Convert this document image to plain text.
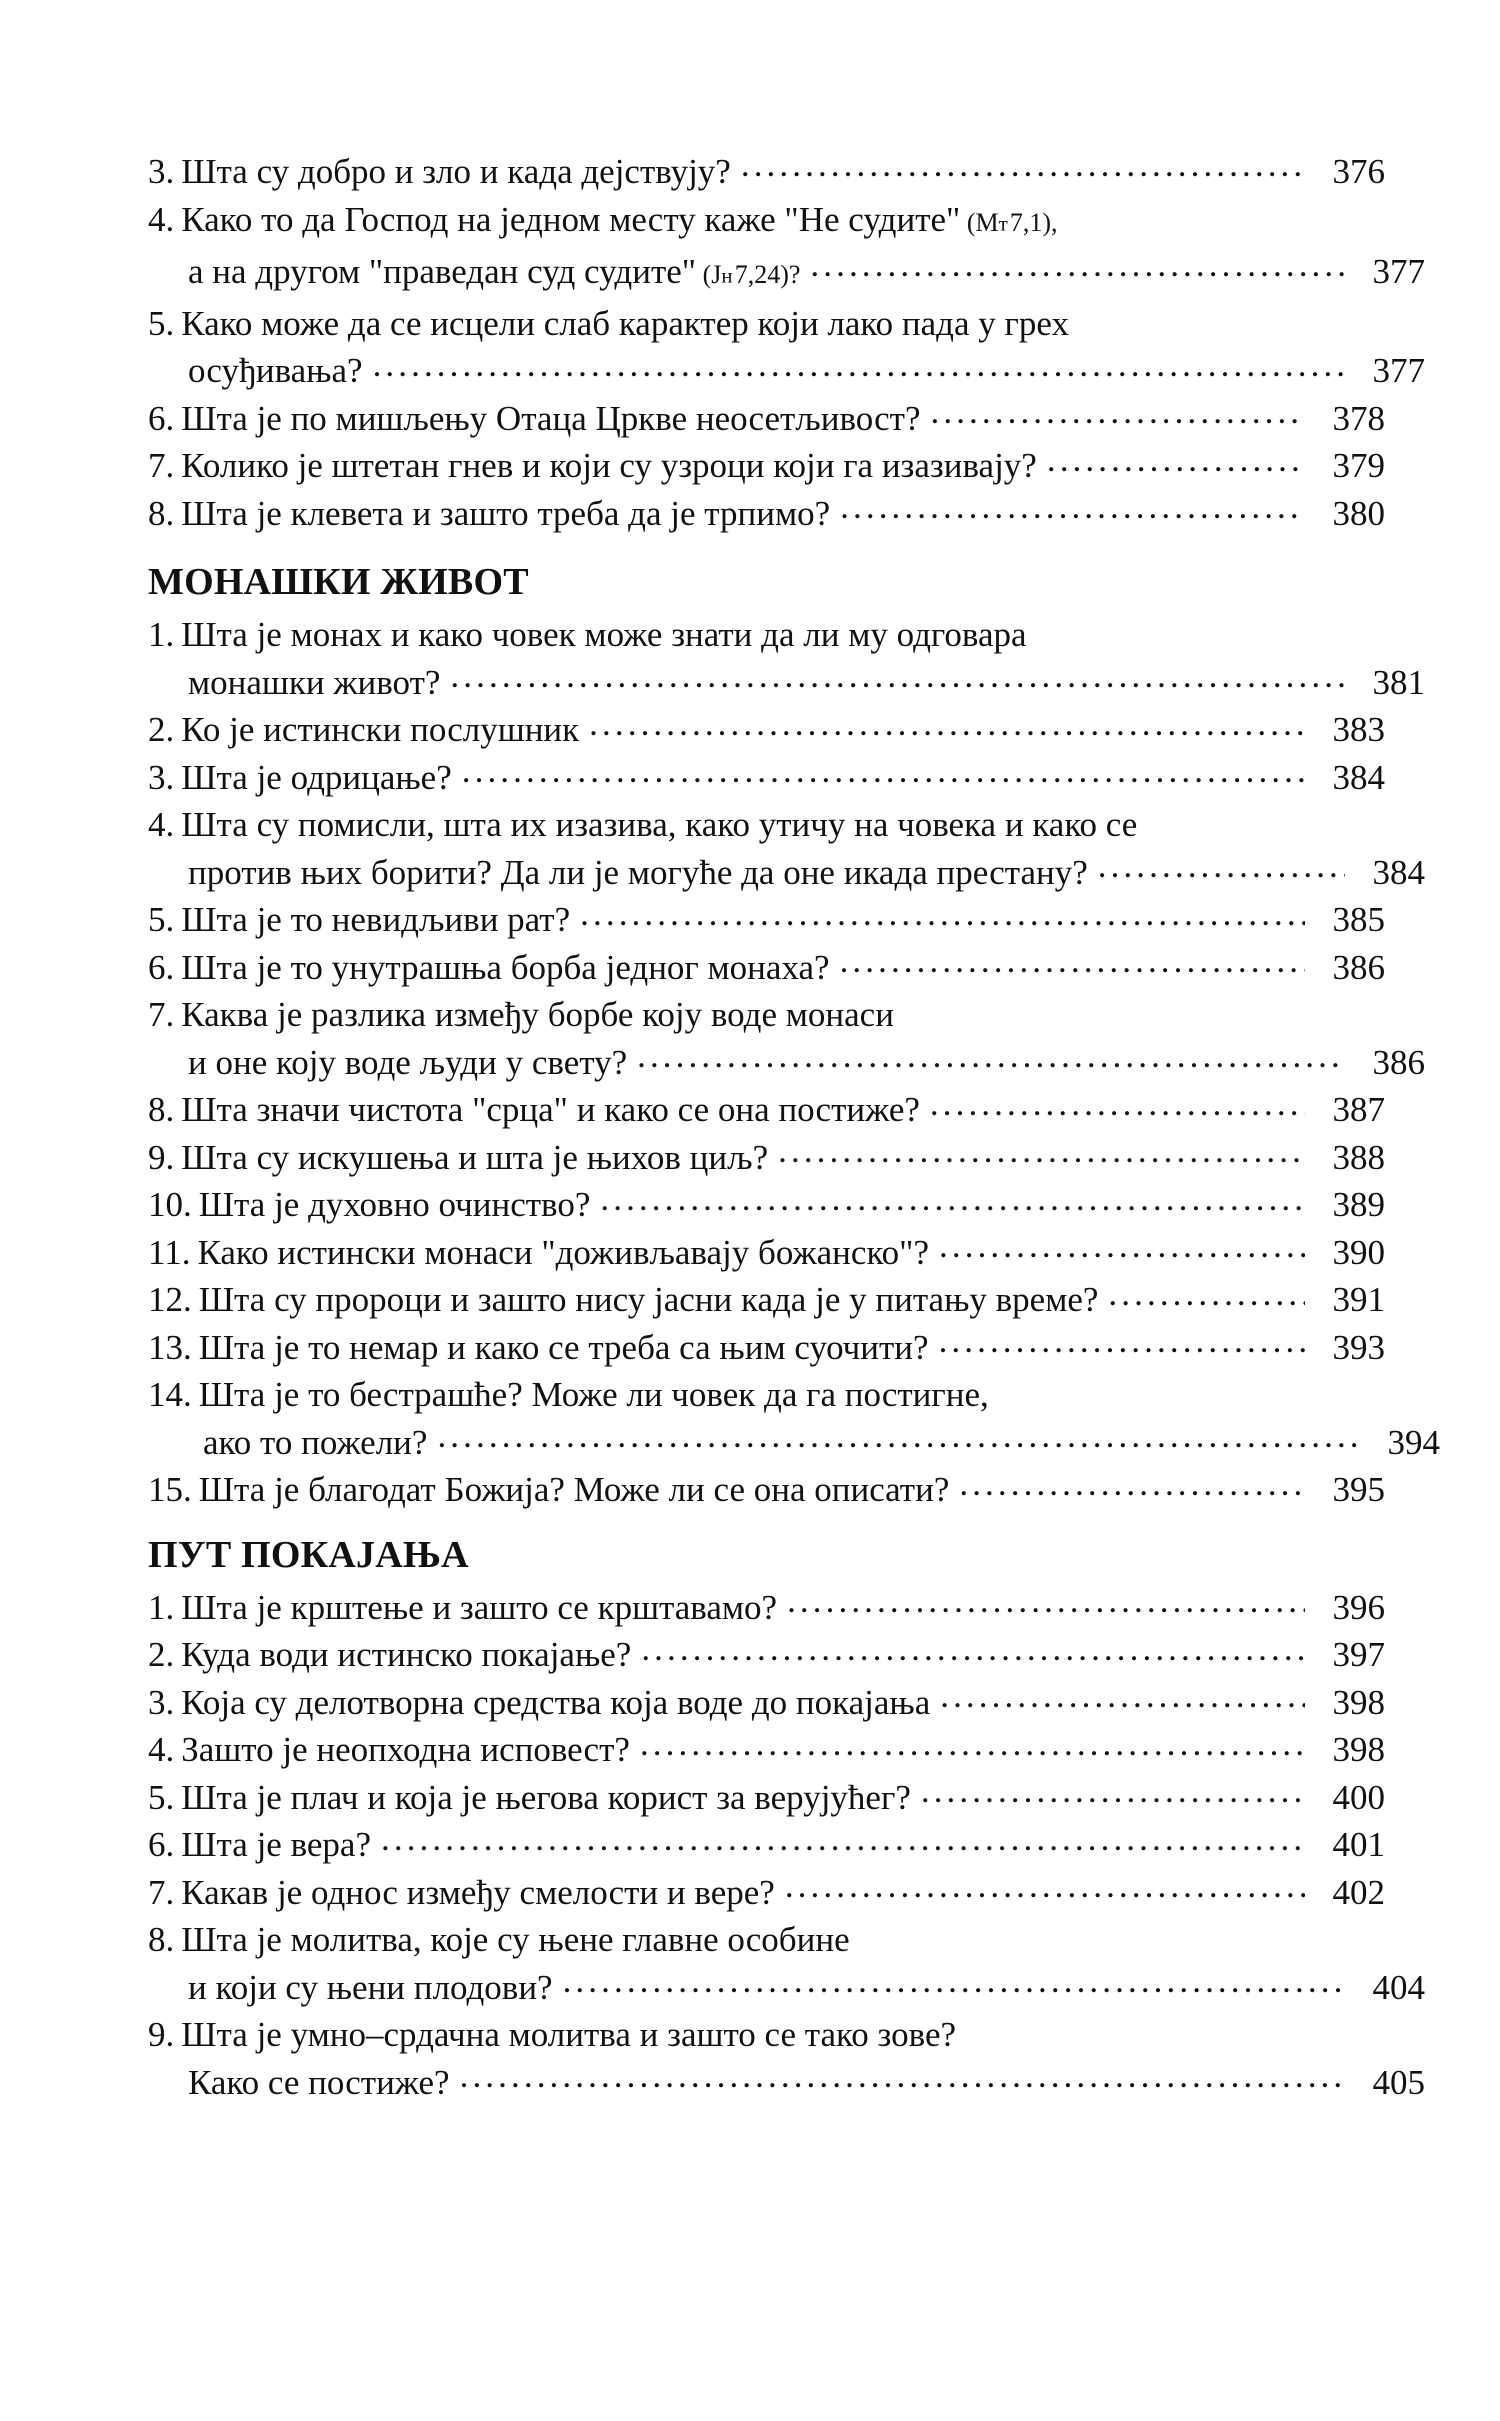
3. Шта су добро и зло и када дејствују? .....	376
4. Како то да Господ на једном месту каже "Не судите" (Мт 7,1),
а на другом "праведан суд судите" (Јн 7,24)? .....	377
5. Како може да се исцели слаб карактер који лако пада у грех
осуђивања? .....	377
6. Шта је по мишљењу Отаца Цркве неосетљивост? .....	378
7. Колико је штетан гнев и који су узроци који га изазивају? .....	379
8. Шта је клевета и зашто треба да је трпимо? .....	380
МОНАШКИ ЖИВОТ
1. Шта је монах и како човек може знати да ли му одговара
монашки живот? .....	381
2. Ко је истински послушник .....	383
3. Шта је одрицање? .....	384
4. Шта су помисли, шта их изазива, како утичу на човека и како се
против њих борити? Да ли је могуће да оне икада престану? .....	384
5. Шта је то невидљиви рат? .....	385
6. Шта је то унутрашња борба једног монаха? .....	386
7. Каква је разлика између борбе коју воде монаси
и оне коју воде људи у свету? .....	386
8. Шта значи чистота "срца" и како се она постиже? .....	387
9. Шта су искушења и шта је њихов циљ? .....	388
10. Шта је духовно очинство? .....	389
11. Како истински монаси "доживљавају божанско"? .....	390
12. Шта су пророци и зашто нису јасни када је у питању време? .....	391
13. Шта је то немар и како се треба са њим суочити? .....	393
14. Шта је то бестрашће? Може ли човек да га постигне,
ако то пожели? .....	394
15. Шта је благодат Божија? Може ли се она описати? .....	395
ПУТ ПОКАЈАЊА
1. Шта је крштење и зашто се крштавамо? .....	396
2. Куда води истинско покајање? .....	397
3. Која су делотворна средства која воде до покајања .....	398
4. Зашто је неопходна исповест? .....	398
5. Шта је плач и која је његова корист за верујућег? .....	400
6. Шта је вера? .....	401
7. Какав је однос између смелости и вере? .....	402
8. Шта је молитва, које су њене главне особине
и који су њени плодови? .....	404
9. Шта је умно–срдачна молитва и зашто се тако зове?
Како се постиже? .....	405
